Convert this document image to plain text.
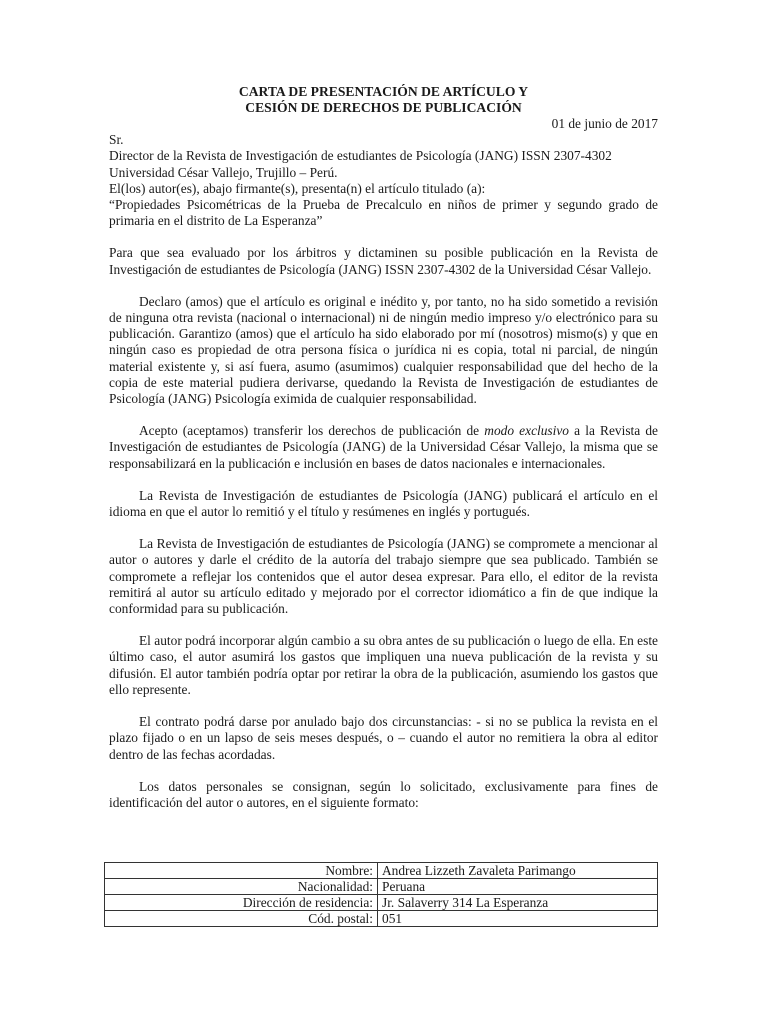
CARTA DE PRESENTACIÓN DE ARTÍCULO Y
CESIÓN DE DERECHOS DE PUBLICACIÓN
01 de junio de 2017
Sr.
Director de la Revista de Investigación de estudiantes de Psicología (JANG) ISSN 2307-4302
Universidad César Vallejo, Trujillo – Perú.
El(los) autor(es), abajo firmante(s), presenta(n) el artículo titulado (a):
“Propiedades Psicométricas de la Prueba de Precalculo en niños de primer y segundo grado de primaria en el distrito de La Esperanza”
Para que sea evaluado por los árbitros y dictaminen su posible publicación en la Revista de Investigación de estudiantes de Psicología (JANG) ISSN 2307-4302 de la Universidad César Vallejo.
Declaro (amos) que el artículo es original e inédito y, por tanto, no ha sido sometido a revisión de ninguna otra revista (nacional o internacional) ni de ningún medio impreso y/o electrónico para su publicación. Garantizo (amos) que el artículo ha sido elaborado por mí (nosotros) mismo(s) y que en ningún caso es propiedad de otra persona física o jurídica ni es copia, total ni parcial, de ningún material existente y, si así fuera, asumo (asumimos) cualquier responsabilidad que del hecho de la copia de este material pudiera derivarse, quedando la Revista de Investigación de estudiantes de Psicología (JANG) Psicología eximida de cualquier responsabilidad.
Acepto (aceptamos) transferir los derechos de publicación de modo exclusivo a la Revista de Investigación de estudiantes de Psicología (JANG) de la Universidad César Vallejo, la misma que se responsabilizará en la publicación e inclusión en bases de datos nacionales e internacionales.
La Revista de Investigación de estudiantes de Psicología (JANG) publicará el artículo en el idioma en que el autor lo remitió y el título y resúmenes en inglés y portugués.
La Revista de Investigación de estudiantes de Psicología (JANG) se compromete a mencionar al autor o autores y darle el crédito de la autoría del trabajo siempre que sea publicado. También se compromete a reflejar los contenidos que el autor desea expresar. Para ello, el editor de la revista remitirá al autor su artículo editado y mejorado por el corrector idiomático a fin de que indique la conformidad para su publicación.
El autor podrá incorporar algún cambio a su obra antes de su publicación o luego de ella. En este último caso, el autor asumirá los gastos que impliquen una nueva publicación de la revista y su difusión. El autor también podría optar por retirar la obra de la publicación, asumiendo los gastos que ello represente.
El contrato podrá darse por anulado bajo dos circunstancias: - si no se publica la revista en el plazo fijado o en un lapso de seis meses después, o – cuando el autor no remitiera la obra al editor dentro de las fechas acordadas.
Los datos personales se consignan, según lo solicitado, exclusivamente para fines de identificación del autor o autores, en el siguiente formato:
Nombre:	Andrea Lizzeth Zavaleta Parimango
Nacionalidad:	Peruana
Dirección de residencia:	Jr. Salaverry 314 La Esperanza
Cód. postal:	051
